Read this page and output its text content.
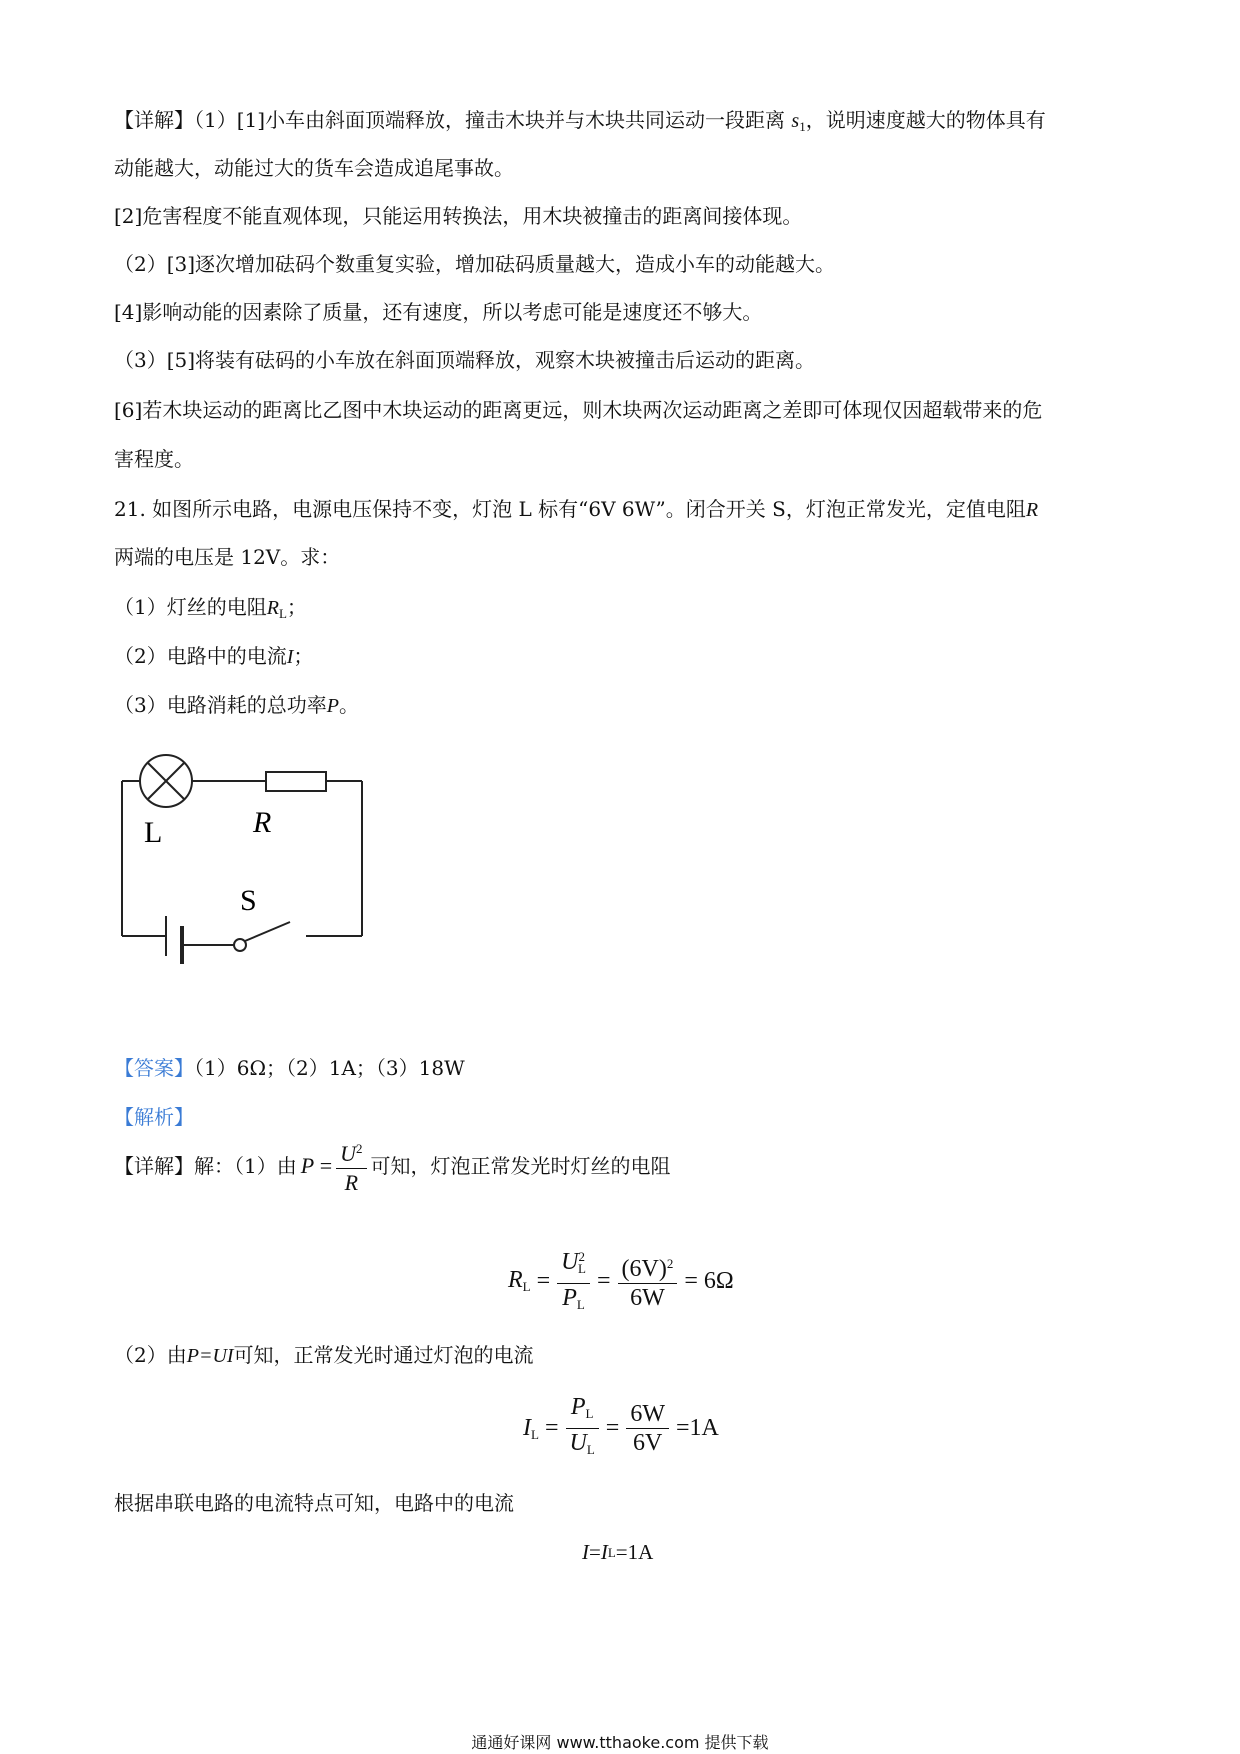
【详解】（1）[1]小车由斜面顶端释放，撞击木块并与木块共同运动一段距离 $s_1$，说明速度越大的物体具有
动能越大，动能过大的货车会造成追尾事故。
[2]危害程度不能直观体现，只能运用转换法，用木块被撞击的距离间接体现。
（2）[3]逐次增加砝码个数重复实验，增加砝码质量越大，造成小车的动能越大。
[4]影响动能的因素除了质量，还有速度，所以考虑可能是速度还不够大。
（3）[5]将装有砝码的小车放在斜面顶端释放，观察木块被撞击后运动的距离。
[6]若木块运动的距离比乙图中木块运动的距离更远，则木块两次运动距离之差即可体现仅因超载带来的危
害程度。
21. 如图所示电路，电源电压保持不变，灯泡 L 标有“6V 6W”。闭合开关 S，灯泡正常发光，定值电阻R
两端的电压是 12V。求：
（1）灯丝的电阻$R_L$；
（2）电路中的电流I；
（3）电路消耗的总功率P。
L	R
S
【答案】（1）6Ω；（2）1A；（3）18W
【解析】
【详解】解：（1）由 $P = \frac{U^2}{R}$ 可知，灯泡正常发光时灯丝的电阻
$R_L = \frac{U^2_L}{P_L} = \frac{(6V)^2}{6W} = 6\Omega$
（2）由P=UI可知，正常发光时通过灯泡的电流
$I_L = \frac{P_L}{U_L} = \frac{6W}{6V} =1A$
根据串联电路的电流特点可知，电路中的电流
I = I L =1A
通通好课网 www.tthaoke.com 提供下载
